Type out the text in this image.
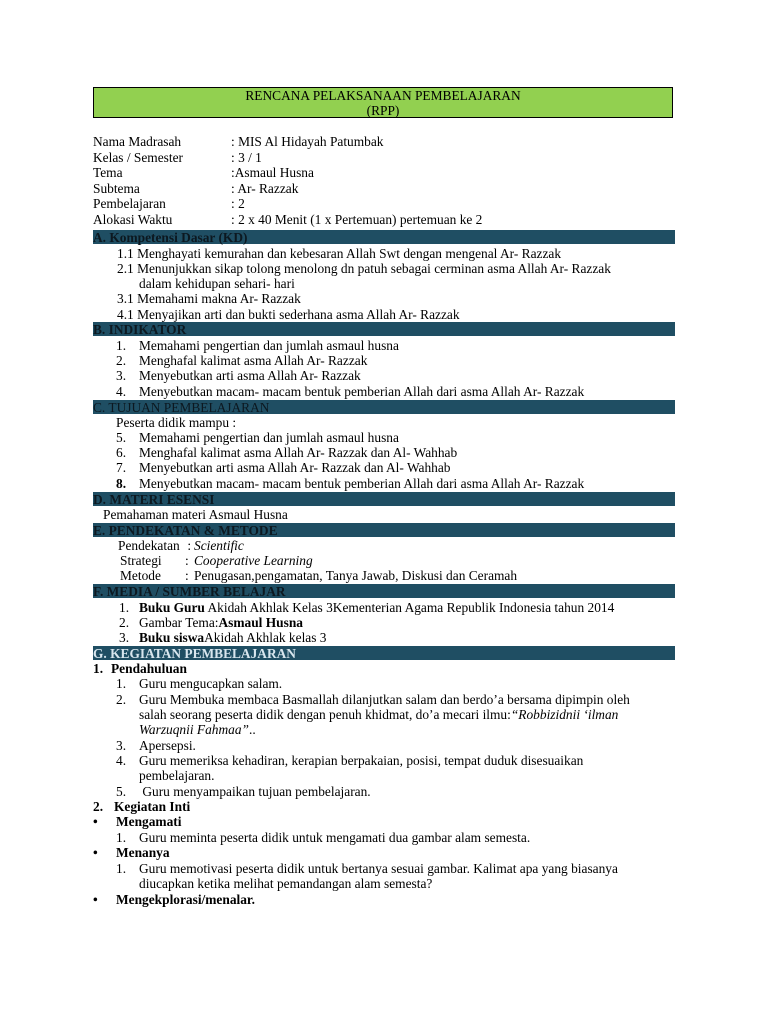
RENCANA PELAKSANAAN PEMBELAJARAN
(RPP)
Nama Madrasah	: MIS Al Hidayah Patumbak
Kelas / Semester	: 3 / 1
Tema	:Asmaul Husna
Subtema	: Ar- Razzak
Pembelajaran	: 2
Alokasi Waktu	: 2 x 40 Menit (1 x Pertemuan) pertemuan ke 2
A. Kompetensi Dasar (KD)
1.1 Menghayati kemurahan dan kebesaran Allah Swt dengan mengenal Ar- Razzak
2.1 Menunjukkan sikap tolong menolong dn patuh sebagai cerminan asma Allah Ar- Razzak
dalam kehidupan sehari- hari
3.1 Memahami makna Ar- Razzak
4.1 Menyajikan arti dan bukti sederhana asma Allah Ar- Razzak
B. INDIKATOR
1. Memahami pengertian dan jumlah asmaul husna
2. Menghafal kalimat asma Allah Ar- Razzak
3. Menyebutkan arti asma Allah Ar- Razzak
4. Menyebutkan macam- macam bentuk pemberian Allah dari asma Allah Ar- Razzak
C. TUJUAN PEMBELAJARAN
Peserta didik mampu :
5. Memahami pengertian dan jumlah asmaul husna
6. Menghafal kalimat asma Allah Ar- Razzak dan Al- Wahhab
7. Menyebutkan arti asma Allah Ar- Razzak dan Al- Wahhab
8. Menyebutkan macam- macam bentuk pemberian Allah dari asma Allah Ar- Razzak
D. MATERI ESENSI
Pemahaman materi Asmaul Husna
E. PENDEKATAN & METODE
Pendekatan : Scientific
Strategi : Cooperative Learning
Metode : Penugasan,pengamatan, Tanya Jawab, Diskusi dan Ceramah
F. MEDIA / SUMBER BELAJAR
1. Buku Guru Akidah Akhlak Kelas 3Kementerian Agama Republik Indonesia tahun 2014
2. Gambar Tema:Asmaul Husna
3. Buku siswaAkidah Akhlak kelas 3
G. KEGIATAN PEMBELAJARAN
1. Pendahuluan
1. Guru mengucapkan salam.
2. Guru Membuka membaca Basmallah dilanjutkan salam dan berdo’a bersama dipimpin oleh
salah seorang peserta didik dengan penuh khidmat, do’a mecari ilmu:“Robbizidnii ‘ilman
Warzuqnii Fahmaa”..
3. Apersepsi.
4. Guru memeriksa kehadiran, kerapian berpakaian, posisi, tempat duduk disesuaikan
pembelajaran.
5. Guru menyampaikan tujuan pembelajaran.
2. Kegiatan Inti
• Mengamati
1. Guru meminta peserta didik untuk mengamati dua gambar alam semesta.
• Menanya
1. Guru memotivasi peserta didik untuk bertanya sesuai gambar. Kalimat apa yang biasanya
diucapkan ketika melihat pemandangan alam semesta?
• Mengekplorasi/menalar.
